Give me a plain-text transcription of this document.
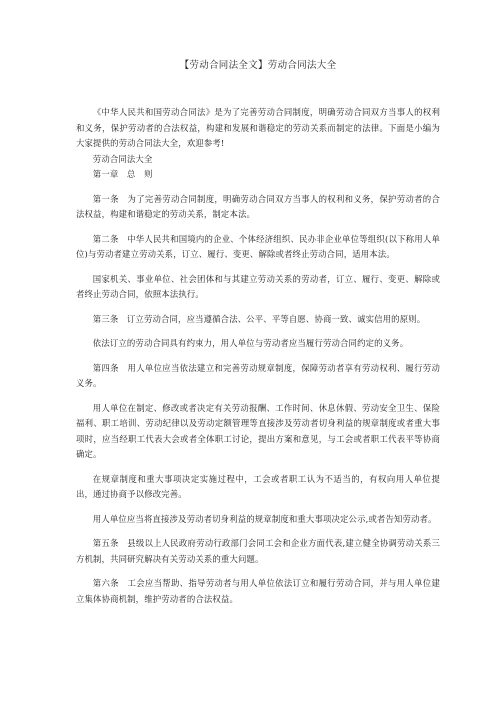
【劳动合同法全文】劳动合同法大全

《中华人民共和国劳动合同法》是为了完善劳动合同制度，明确劳动合同双方当事人的权利和义务，保护劳动者的合法权益，构建和发展和谐稳定的劳动关系而制定的法律。下面是小编为大家提供的劳动合同法大全，欢迎参考!

劳动合同法大全

第一章　总　则

第一条　为了完善劳动合同制度，明确劳动合同双方当事人的权利和义务，保护劳动者的合法权益，构建和谐稳定的劳动关系，制定本法。

第二条　中华人民共和国境内的企业、个体经济组织、民办非企业单位等组织(以下称用人单位)与劳动者建立劳动关系，订立、履行、变更、解除或者终止劳动合同，适用本法。

国家机关、事业单位、社会团体和与其建立劳动关系的劳动者，订立、履行、变更、解除或者终止劳动合同，依照本法执行。

第三条　订立劳动合同，应当遵循合法、公平、平等自愿、协商一致、诚实信用的原则。

依法订立的劳动合同具有约束力，用人单位与劳动者应当履行劳动合同约定的义务。

第四条　用人单位应当依法建立和完善劳动规章制度，保障劳动者享有劳动权利、履行劳动义务。

用人单位在制定、修改或者决定有关劳动报酬、工作时间、休息休假、劳动安全卫生、保险福利、职工培训、劳动纪律以及劳动定额管理等直接涉及劳动者切身利益的规章制度或者重大事项时，应当经职工代表大会或者全体职工讨论，提出方案和意见，与工会或者职工代表平等协商确定。

在规章制度和重大事项决定实施过程中，工会或者职工认为不适当的，有权向用人单位提出，通过协商予以修改完善。

用人单位应当将直接涉及劳动者切身利益的规章制度和重大事项决定公示,或者告知劳动者。

第五条　县级以上人民政府劳动行政部门会同工会和企业方面代表,建立健全协调劳动关系三方机制，共同研究解决有关劳动关系的重大问题。

第六条　工会应当帮助、指导劳动者与用人单位依法订立和履行劳动合同，并与用人单位建立集体协商机制，维护劳动者的合法权益。
